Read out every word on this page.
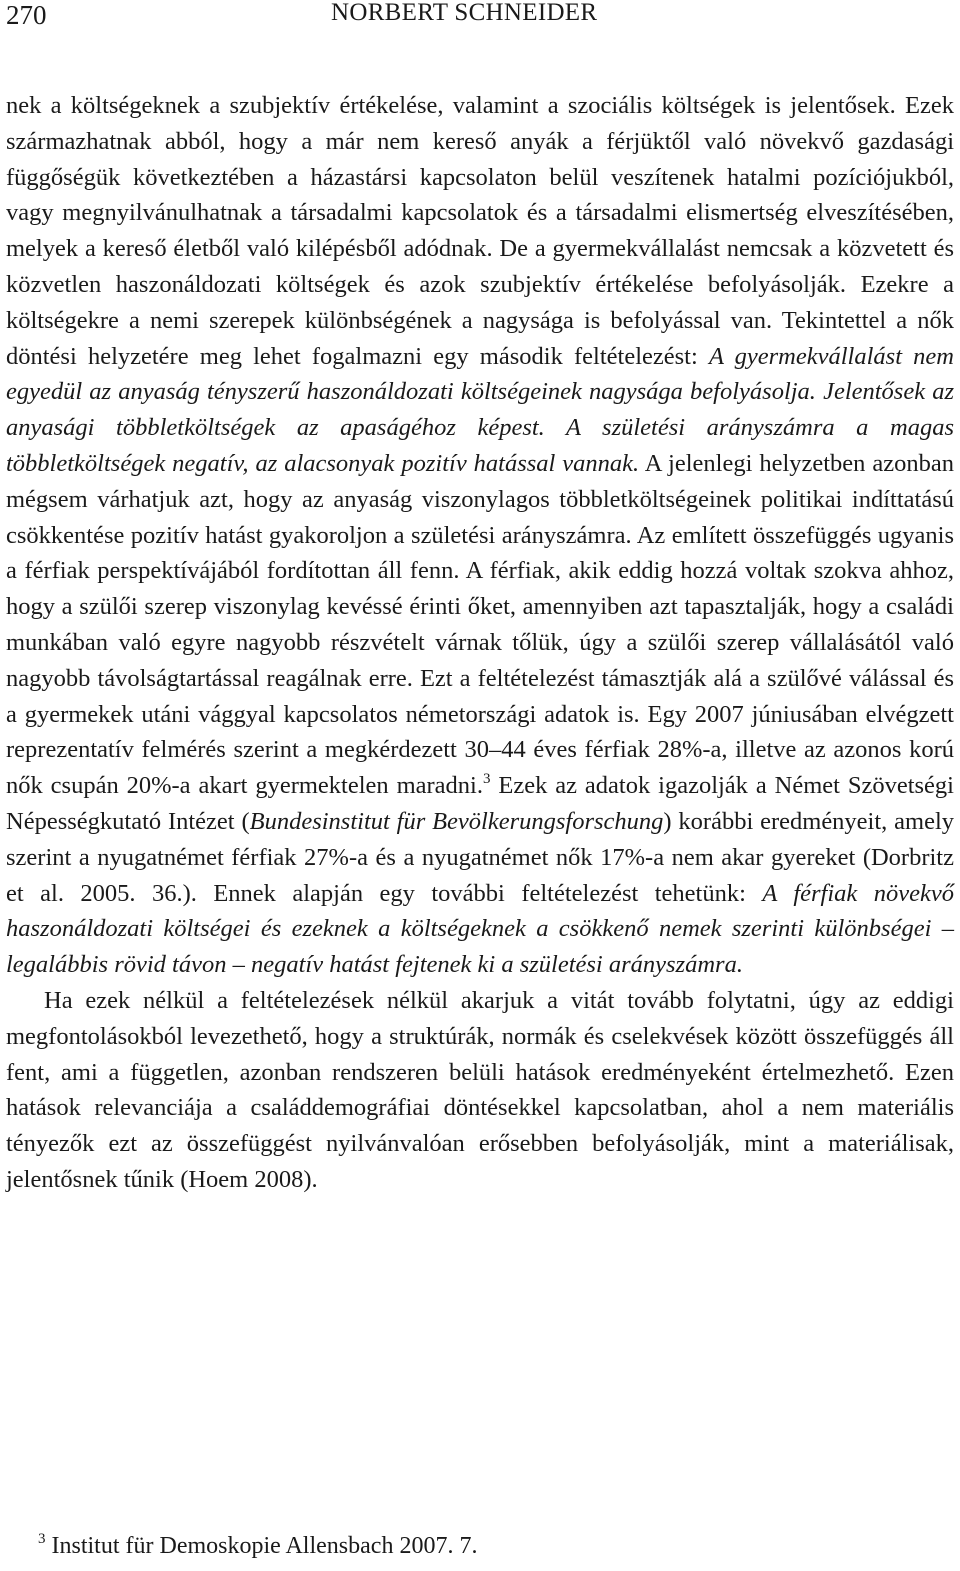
270	NORBERT SCHNEIDER

nek a költségeknek a szubjektív értékelése, valamint a szociális költségek is jelentősek. Ezek származhatnak abból, hogy a már nem kereső anyák a férjüktől való növekvő gazdasági függőségük következtében a házastársi kapcsolaton belül veszítenek hatalmi pozíciójukból, vagy megnyilvánulhatnak a társadalmi kapcsolatok és a társadalmi elismertség elveszítésében, melyek a kereső életből való kilépésből adódnak. De a gyermekvállalást nemcsak a közvetett és közvetlen haszonáldozati költségek és azok szubjektív értékelése befolyásolják. Ezekre a költségekre a nemi szerepek különbségének a nagysága is befolyással van. Tekintettel a nők döntési helyzetére meg lehet fogalmazni egy második feltételezést: A gyermekvállalást nem egyedül az anyaság tényszerű haszonáldozati költségeinek nagysága befolyásolja. Jelentősek az anyasági többletköltségek az apaságéhoz képest. A születési arányszámra a magas többletköltségek negatív, az alacsonyak pozitív hatással vannak. A jelenlegi helyzetben azonban mégsem várhatjuk azt, hogy az anyaság viszonylagos többletköltségeinek politikai indíttatású csökkentése pozitív hatást gyakoroljon a születési arányszámra. Az említett összefüggés ugyanis a férfiak perspektívájából fordítottan áll fenn. A férfiak, akik eddig hozzá voltak szokva ahhoz, hogy a szülői szerep viszonylag kevéssé érinti őket, amennyiben azt tapasztalják, hogy a családi munkában való egyre nagyobb részvételt várnak tőlük, úgy a szülői szerep vállalásától való nagyobb távolságtartással reagálnak erre. Ezt a feltételezést támasztják alá a szülővé válással és a gyermekek utáni vággyal kapcsolatos németországi adatok is. Egy 2007 júniusában elvégzett reprezentatív felmérés szerint a megkérdezett 30–44 éves férfiak 28%-a, illetve az azonos korú nők csupán 20%-a akart gyermektelen maradni.$^3$ Ezek az adatok igazolják a Német Szövetségi Népességkutató Intézet (Bundesinstitut für Bevölkerungsforschung) korábbi eredményeit, amely szerint a nyugatnémet férfiak 27%-a és a nyugatnémet nők 17%-a nem akar gyereket (Dorbritz et al. 2005. 36.). Ennek alapján egy további feltételezést tehetünk: A férfiak növekvő haszonáldozati költségei és ezeknek a költségeknek a csökkenő nemek szerinti különbségei – legalábbis rövid távon – negatív hatást fejtenek ki a születési arányszámra.

Ha ezek nélkül a feltételezések nélkül akarjuk a vitát tovább folytatni, úgy az eddigi megfontolásokból levezethető, hogy a struktúrák, normák és cselekvések között összefüggés áll fent, ami a független, azonban rendszeren belüli hatások eredményeként értelmezhető. Ezen hatások relevanciája a családdemográfiai döntésekkel kapcsolatban, ahol a nem materiális tényezők ezt az összefüggést nyilvánvalóan erősebben befolyásolják, mint a materiálisak, jelentősnek tűnik (Hoem 2008).

$^3$ Institut für Demoskopie Allensbach 2007. 7.
